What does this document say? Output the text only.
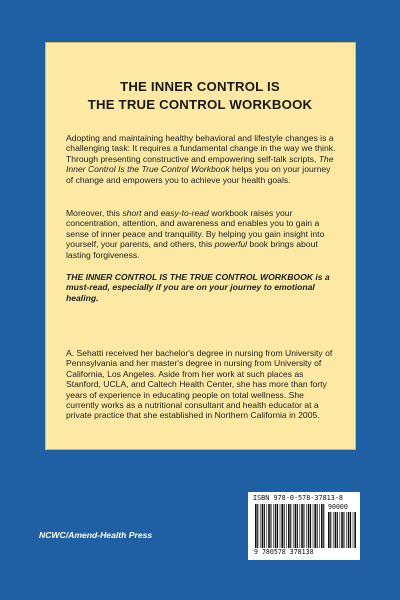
THE INNER CONTROL IS
THE TRUE CONTROL WORKBOOK

Adopting and maintaining healthy behavioral and lifestyle changes is a challenging task: It requires a fundamental change in the way we think. Through presenting constructive and empowering self-talk scripts, The Inner Control Is the True Control Workbook helps you on your journey of change and empowers you to achieve your health goals.

Moreover, this short and easy-to-read workbook raises your concentration, attention, and awareness and enables you to gain a sense of inner peace and tranquility. By helping you gain insight into yourself, your parents, and others, this powerful book brings about lasting forgiveness.

THE INNER CONTROL IS THE TRUE CONTROL WORKBOOK is a must-read, especially if you are on your journey to emotional healing.

A. Sehatti received her bachelor's degree in nursing from University of Pennsylvania and her master's degree in nursing from University of California, Los Angeles. Aside from her work at such places as Stanford, UCLA, and Caltech Health Center, she has more than forty years of experience in educating people on total wellness. She currently works as a nutritional consultant and health educator at a private practice that she established in Northern California in 2005.

NCWC/Amend-Health Press
ISBN 978-0-578-37813-8
90000
9 780578 378138
